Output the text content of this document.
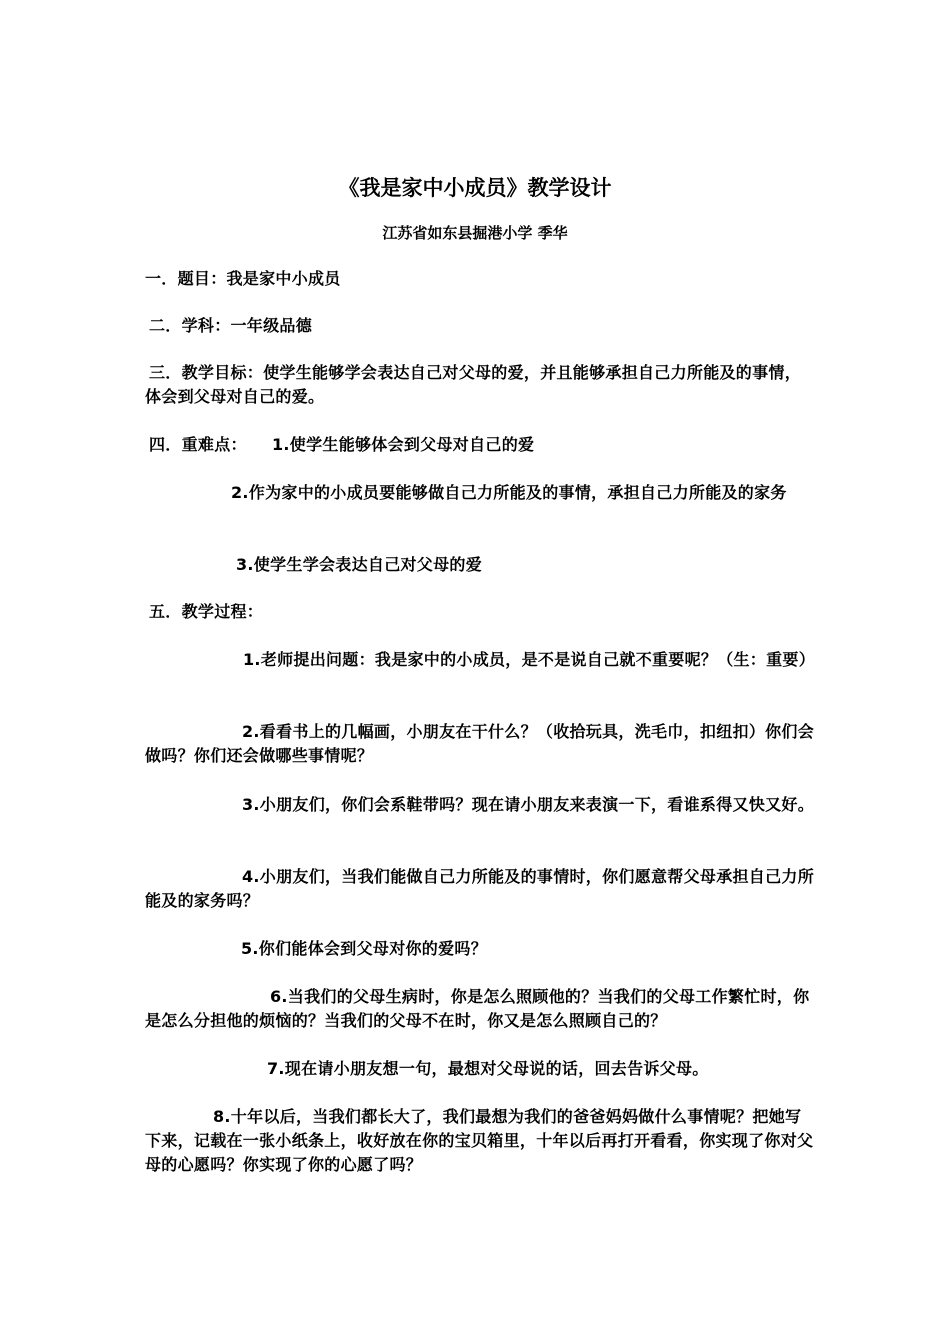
《我是家中小成员》教学设计
江苏省如东县掘港小学 季华
一．题目：我是家中小成员
二．学科：一年级品德
三．教学目标：使学生能够学会表达自己对父母的爱，并且能够承担自己力所能及的事情，体会到父母对自己的爱。
四．重难点： 1.使学生能够体会到父母对自己的爱
2.作为家中的小成员要能够做自己力所能及的事情，承担自己力所能及的家务
3.使学生学会表达自己对父母的爱
五．教学过程：
1.老师提出问题：我是家中的小成员，是不是说自己就不重要呢？（生：重要）
2.看看书上的几幅画，小朋友在干什么？（收拾玩具，洗毛巾，扣纽扣）你们会做吗？你们还会做哪些事情呢？
3.小朋友们，你们会系鞋带吗？现在请小朋友来表演一下，看谁系得又快又好。
4.小朋友们，当我们能做自己力所能及的事情时，你们愿意帮父母承担自己力所能及的家务吗？
5.你们能体会到父母对你的爱吗？
6.当我们的父母生病时，你是怎么照顾他的？当我们的父母工作繁忙时，你是怎么分担他的烦恼的？当我们的父母不在时，你又是怎么照顾自己的？
7.现在请小朋友想一句，最想对父母说的话，回去告诉父母。
8.十年以后，当我们都长大了，我们最想为我们的爸爸妈妈做什么事情呢？把她写下来，记载在一张小纸条上，收好放在你的宝贝箱里，十年以后再打开看看，你实现了你对父母的心愿吗？你实现了你的心愿了吗？
